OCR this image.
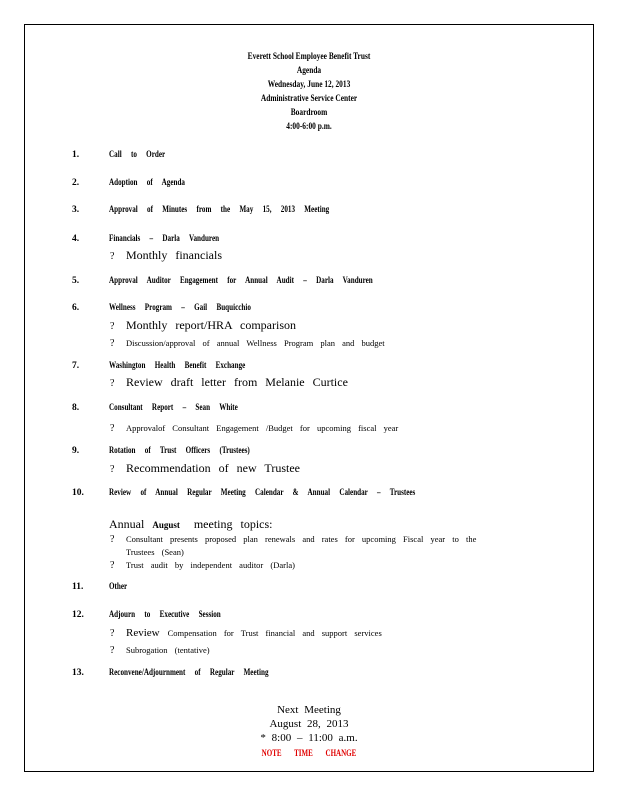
Everett School Employee Benefit Trust
Agenda
Wednesday, June 12, 2013
Administrative Service Center
Boardroom
4:00-6:00 p.m.
1.	Call to Order
2.	Adoption of Agenda
3.	Approval of Minutes from the May 15, 2013 Meeting
4.	Financials – Darla Vanduren
? Monthly financials
5.	Approval Auditor Engagement for Annual Audit – Darla Vanduren
6.	Wellness Program – Gail Buquicchio
? Monthly report/HRA comparison
? Discussion/approval of annual Wellness Program plan and budget
7.	Washington Health Benefit Exchange
? Review draft letter from Melanie Curtice
8.	Consultant Report – Sean White
? Approvalof Consultant Engagement /Budget for upcoming fiscal year
9.	Rotation of Trust Officers (Trustees)
? Recommendation of new Trustee
10.	Review of Annual Regular Meeting Calendar & Annual Calendar – Trustees
Annual August meeting topics:
? Consultant presents proposed plan renewals and rates for upcoming Fiscal year to the
Trustees (Sean)
? Trust audit by independent auditor (Darla)
11.	Other
12.	Adjourn to Executive Session
? Review Compensation for Trust financial and support services
? Subrogation (tentative)
13.	Reconvene/Adjournment of Regular Meeting
Next Meeting
August 28, 2013
* 8:00 – 11:00 a.m.
NOTE TIME CHANGE
